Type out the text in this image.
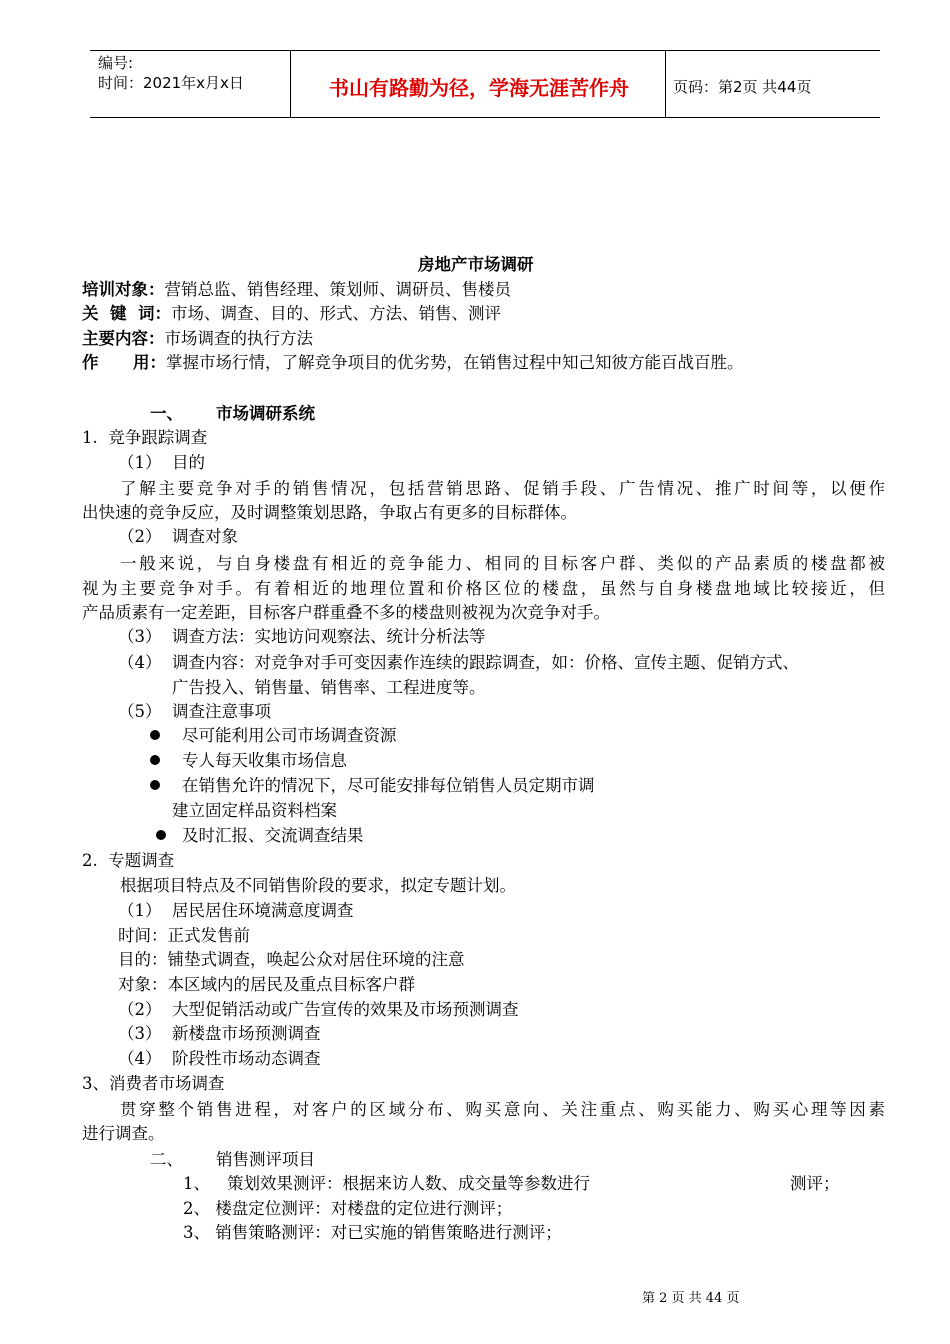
编号:
时间：2021年x月x日	书山有路勤为径，学海无涯苦作舟	页码：第2页 共44页
房地产市场调研
培训对象：营销总监、销售经理、策划师、调研员、售楼员
关  键  词：市场、调查、目的、形式、方法、销售、测评
主要内容：市场调查的执行方法
作      用：掌握市场行情，了解竞争项目的优劣势，在销售过程中知己知彼方能百战百胜。
一、 市场调研系统
1.  竞争跟踪调查
（1）  目的
了解主要竞争对手的销售情况，包括营销思路、促销手段、广告情况、推广时间等，以便作
出快速的竞争反应，及时调整策划思路，争取占有更多的目标群体。
（2）  调查对象
一般来说，与自身楼盘有相近的竞争能力、相同的目标客户群、类似的产品素质的楼盘都被
视为主要竞争对手。有着相近的地理位置和价格区位的楼盘，虽然与自身楼盘地域比较接近，但
产品质素有一定差距，目标客户群重叠不多的楼盘则被视为次竞争对手。
（3）  调查方法：实地访问观察法、统计分析法等
（4）  调查内容：对竞争对手可变因素作连续的跟踪调查，如：价格、宣传主题、促销方式、
广告投入、销售量、销售率、工程进度等。
（5）  调查注意事项
尽可能利用公司市场调查资源
专人每天收集市场信息
在销售允许的情况下，尽可能安排每位销售人员定期市调
建立固定样品资料档案
及时汇报、交流调查结果
2.  专题调查
根据项目特点及不同销售阶段的要求，拟定专题计划。
（1）  居民居住环境满意度调查
时间：正式发售前
目的：铺垫式调查，唤起公众对居住环境的注意
对象：本区域内的居民及重点目标客户群
（2）  大型促销活动或广告宣传的效果及市场预测调查
（3）  新楼盘市场预测调查
（4）  阶段性市场动态调查
3、消费者市场调查
贯穿整个销售进程，对客户的区域分布、购买意向、关注重点、购买能力、购买心理等因素
进行调查。
二、 销售测评项目
1、 策划效果测评：根据来访人数、成交量等参数进行	测评；
2、 楼盘定位测评：对楼盘的定位进行测评；
3、 销售策略测评：对已实施的销售策略进行测评；
第 2 页 共 44 页
